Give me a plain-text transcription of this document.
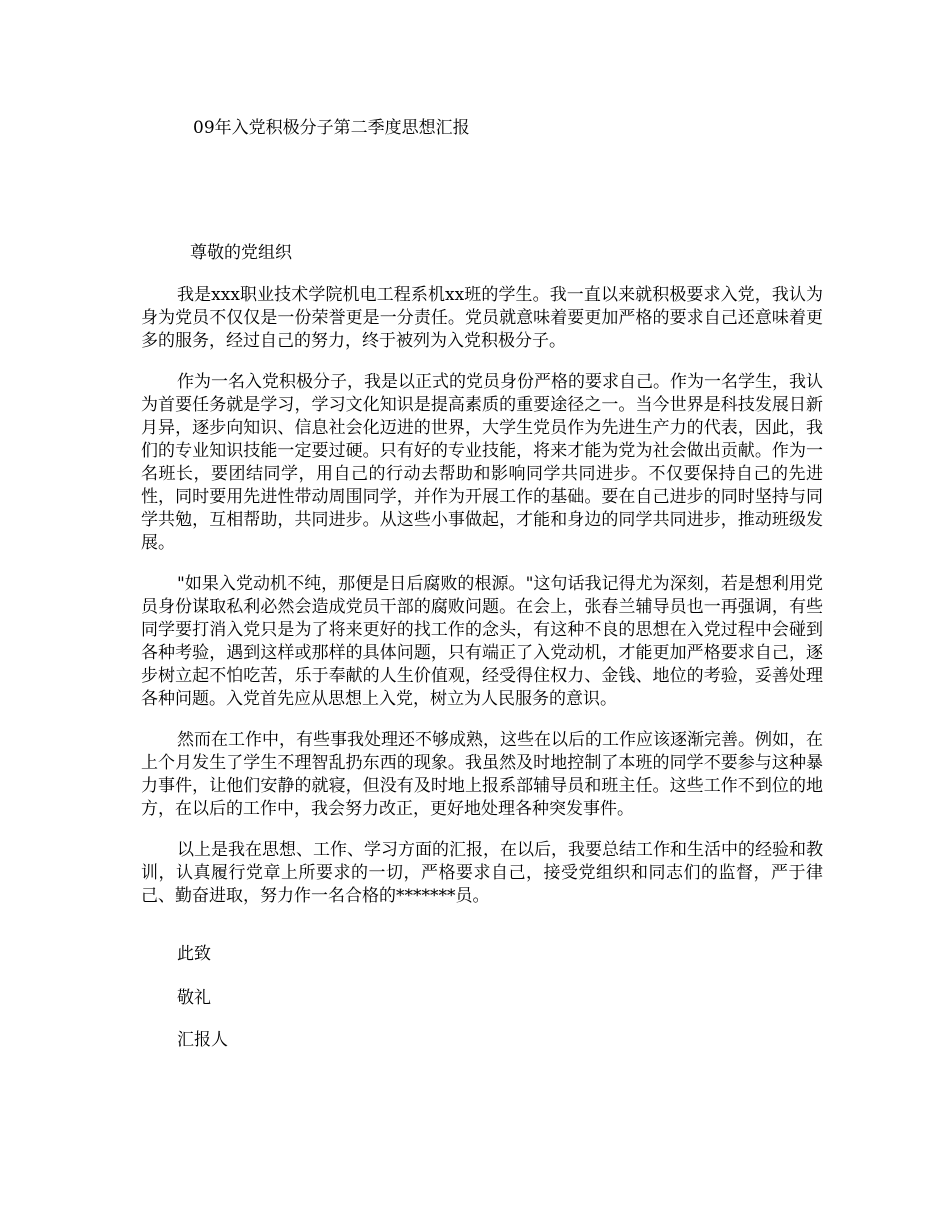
09年入党积极分子第二季度思想汇报
尊敬的党组织

我是xxx职业技术学院机电工程系机xx班的学生。我一直以来就积极要求入党，我认为身为党员不仅仅是一份荣誉更是一分责任。党员就意味着要更加严格的要求自己还意味着更多的服务，经过自己的努力，终于被列为入党积极分子。

作为一名入党积极分子，我是以正式的党员身份严格的要求自己。作为一名学生，我认为首要任务就是学习，学习文化知识是提高素质的重要途径之一。当今世界是科技发展日新月异，逐步向知识、信息社会化迈进的世界，大学生党员作为先进生产力的代表，因此，我们的专业知识技能一定要过硬。只有好的专业技能，将来才能为党为社会做出贡献。作为一名班长，要团结同学，用自己的行动去帮助和影响同学共同进步。不仅要保持自己的先进性，同时要用先进性带动周围同学，并作为开展工作的基础。要在自己进步的同时坚持与同学共勉，互相帮助，共同进步。从这些小事做起，才能和身边的同学共同进步，推动班级发展。

"如果入党动机不纯，那便是日后腐败的根源。"这句话我记得尤为深刻，若是想利用党员身份谋取私利必然会造成党员干部的腐败问题。在会上，张春兰辅导员也一再强调，有些同学要打消入党只是为了将来更好的找工作的念头，有这种不良的思想在入党过程中会碰到各种考验，遇到这样或那样的具体问题，只有端正了入党动机，才能更加严格要求自己，逐步树立起不怕吃苦，乐于奉献的人生价值观，经受得住权力、金钱、地位的考验，妥善处理各种问题。入党首先应从思想上入党，树立为人民服务的意识。

然而在工作中，有些事我处理还不够成熟，这些在以后的工作应该逐渐完善。例如，在上个月发生了学生不理智乱扔东西的现象。我虽然及时地控制了本班的同学不要参与这种暴力事件，让他们安静的就寝，但没有及时地上报系部辅导员和班主任。这些工作不到位的地方，在以后的工作中，我会努力改正，更好地处理各种突发事件。

以上是我在思想、工作、学习方面的汇报，在以后，我要总结工作和生活中的经验和教训，认真履行党章上所要求的一切，严格要求自己，接受党组织和同志们的监督，严于律己、勤奋进取，努力作一名合格的*******员。

此致
敬礼
汇报人
